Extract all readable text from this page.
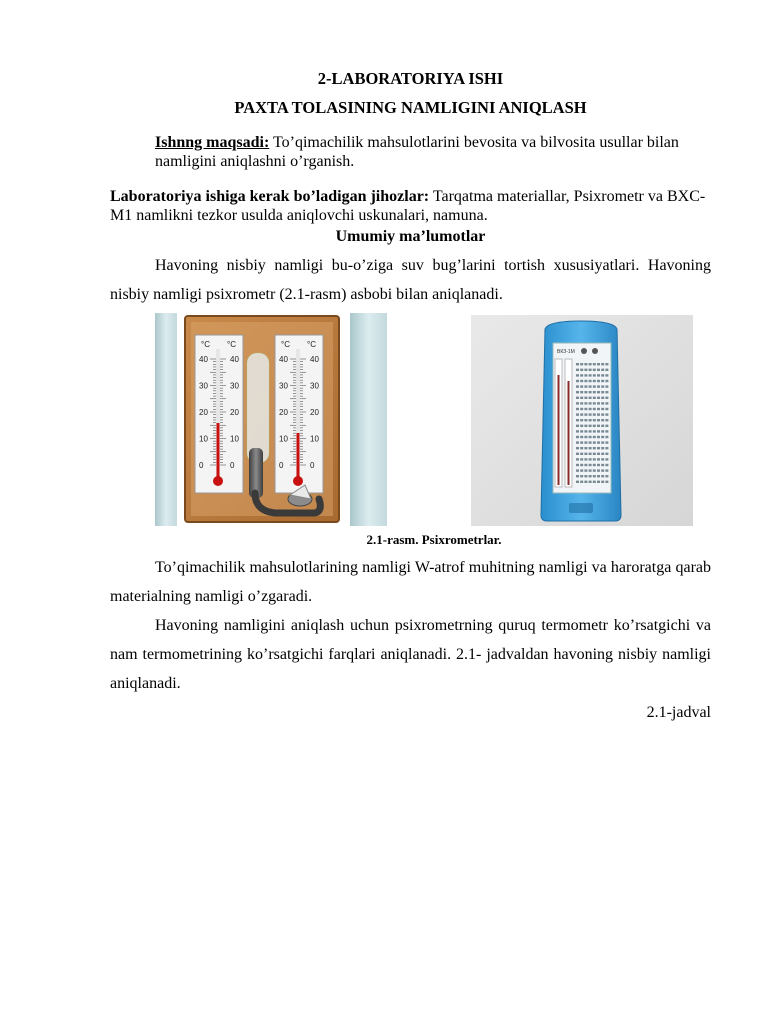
2-LABORATORIYA ISHI
PAXTA TOLASINING NAMLIGINI ANIQLASH
Ishnng maqsadi: To’qimachilik mahsulotlarini bevosita va bilvosita usullar bilan namligini aniqlashni o’rganish.
Laboratoriya ishiga kerak bo’ladigan jihozlar: Tarqatma materiallar, Psixrometr va BXC-M1 namlikni tezkor usulda aniqlovchi uskunalari, namuna.
Umumiy ma’lumotlar
Havoning nisbiy namligi bu-o’ziga suv bug’larini tortish xususiyatlari. Havoning nisbiy namligi psixrometr (2.1-rasm) asbobi bilan aniqlanadi.
°C °C
40	40
30	30
20	20
10	10
0	0
°C °C
40	40
30	30
20	20
10	10
0	0
ВКЗ-1М
2.1-rasm. Psixrometrlar.
To’qimachilik mahsulotlarining namligi W-atrof muhitning namligi va haroratga qarab materialning namligi o’zgaradi.
Havoning namligini aniqlash uchun psixrometrning quruq termometr ko’rsatgichi va nam termometrining ko’rsatgichi farqlari aniqlanadi. 2.1- jadvaldan havoning nisbiy namligi aniqlanadi.
2.1-jadval
